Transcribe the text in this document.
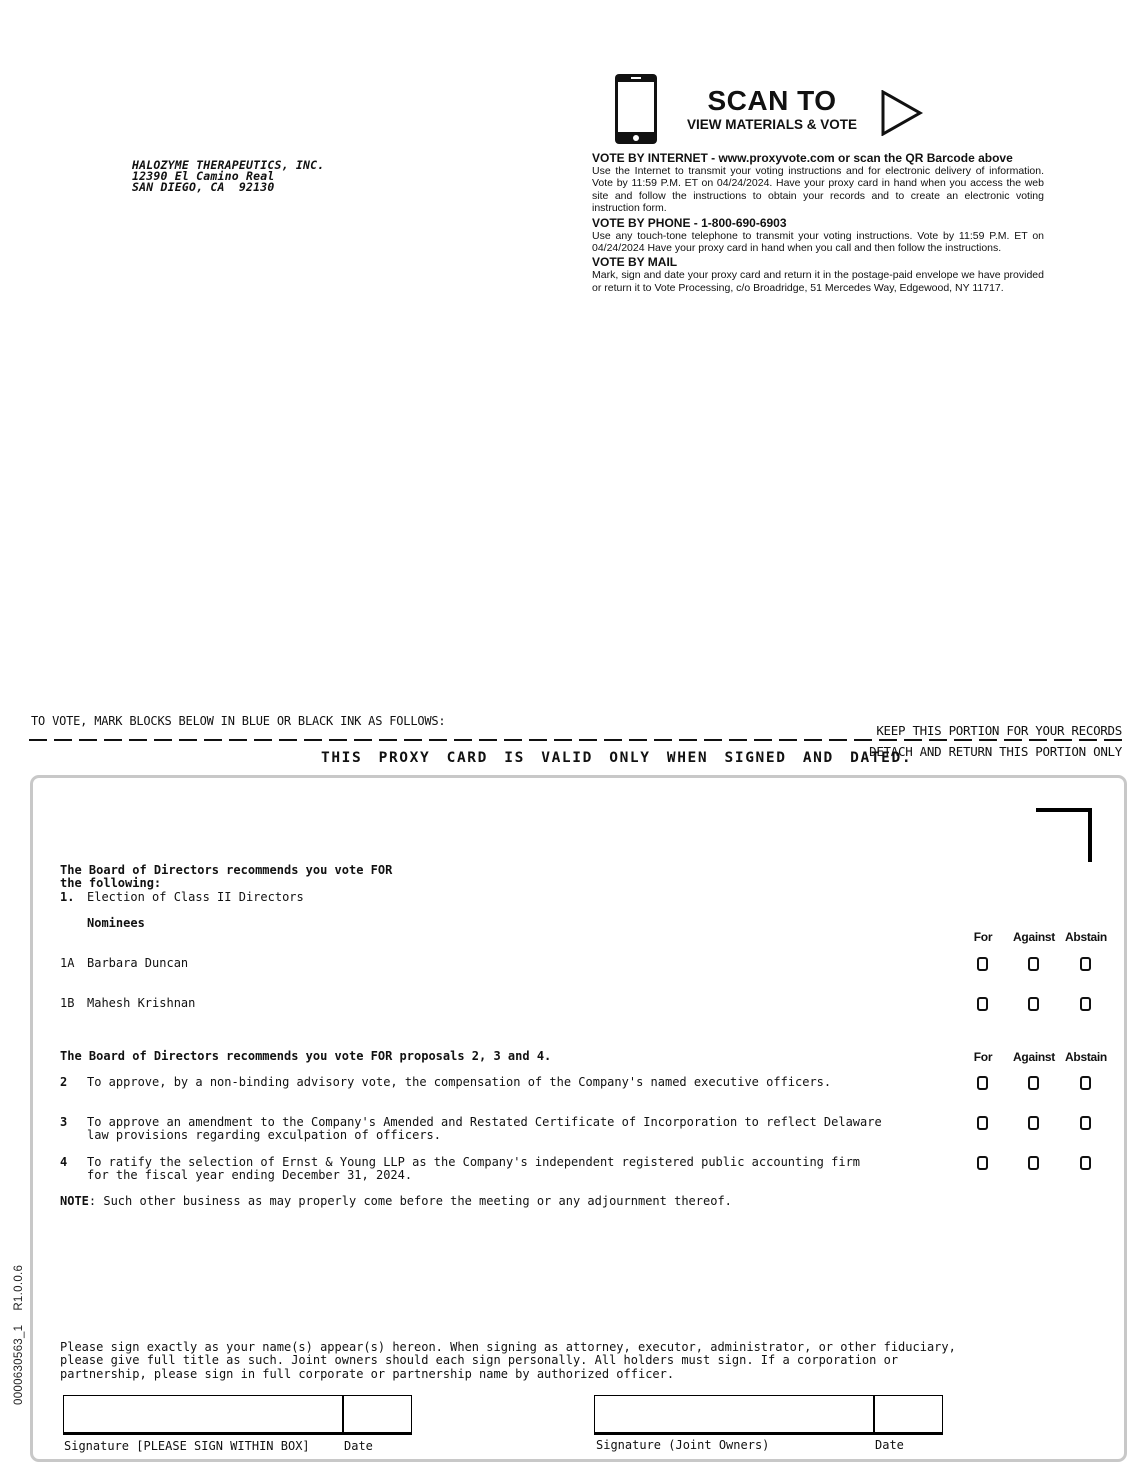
HALOZYME THERAPEUTICS, INC.
12390 El Camino Real
SAN DIEGO, CA  92130
SCAN TO
VIEW MATERIALS & VOTE
VOTE BY INTERNET - www.proxyvote.com or scan the QR Barcode above
Use the Internet to transmit your voting instructions and for electronic delivery of information. Vote by 11:59 P.M. ET on 04/24/2024. Have your proxy card in hand when you access the web site and follow the instructions to obtain your records and to create an electronic voting instruction form.
VOTE BY PHONE - 1-800-690-6903
Use any touch-tone telephone to transmit your voting instructions. Vote by 11:59 P.M. ET on 04/24/2024 Have your proxy card in hand when you call and then follow the instructions.
VOTE BY MAIL
Mark, sign and date your proxy card and return it in the postage-paid envelope we have provided or return it to Vote Processing, c/o Broadridge, 51 Mercedes Way, Edgewood, NY 11717.
TO VOTE, MARK BLOCKS BELOW IN BLUE OR BLACK INK AS FOLLOWS:
KEEP THIS PORTION FOR YOUR RECORDS
DETACH AND RETURN THIS PORTION ONLY
THIS PROXY CARD IS VALID ONLY WHEN SIGNED AND DATED.
The Board of Directors recommends you vote FOR
the following:
1. Election of Class II Directors
Nominees
For	Against Abstain
1A Barbara Duncan
1B Mahesh Krishnan
The Board of Directors recommends you vote FOR proposals 2, 3 and 4.	For	Against Abstain
2 To approve, by a non-binding advisory vote, the compensation of the Company's named executive officers.
3 To approve an amendment to the Company's Amended and Restated Certificate of Incorporation to reflect Delaware
law provisions regarding exculpation of officers.
4 To ratify the selection of Ernst & Young LLP as the Company's independent registered public accounting firm
for the fiscal year ending December 31, 2024.
NOTE: Such other business as may properly come before the meeting or any adjournment thereof.
0000630563_1    R1.0.0.6	Please sign exactly as your name(s) appear(s) hereon. When signing as attorney, executor, administrator, or other fiduciary,
please give full title as such. Joint owners should each sign personally. All holders must sign. If a corporation or
partnership, please sign in full corporate or partnership name by authorized officer.
Signature [PLEASE SIGN WITHIN BOX]	Date	Signature (Joint Owners)	Date
